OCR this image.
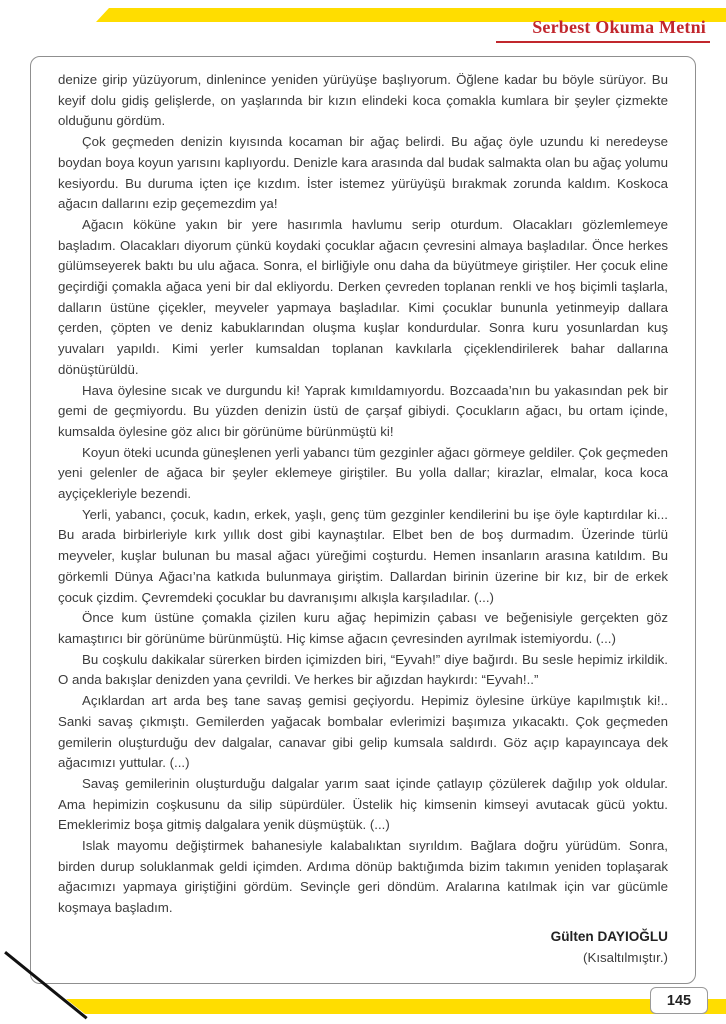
Serbest Okuma Metni

denize girip yüzüyorum, dinlenince yeniden yürüyüşe başlıyorum. Öğlene kadar bu böyle sürüyor. Bu keyif dolu gidiş gelişlerde, on yaşlarında bir kızın elindeki koca çomakla kumlara bir şeyler çizmekte olduğunu gördüm.

Çok geçmeden denizin kıyısında kocaman bir ağaç belirdi. Bu ağaç öyle uzundu ki neredeyse boydan boya koyun yarısını kaplıyordu. Denizle kara arasında dal budak salmakta olan bu ağaç yolumu kesiyordu. Bu duruma içten içe kızdım. İster istemez yürüyüşü bırakmak zorunda kaldım. Koskoca ağacın dallarını ezip geçemezdim ya!

Ağacın köküne yakın bir yere hasırımla havlumu serip oturdum. Olacakları gözlemlemeye başladım. Olacakları diyorum çünkü koydaki çocuklar ağacın çevresini almaya başladılar. Önce herkes gülümseyerek baktı bu ulu ağaca. Sonra, el birliğiyle onu daha da büyütmeye giriştiler. Her çocuk eline geçirdiği çomakla ağaca yeni bir dal ekliyordu. Derken çevreden toplanan renkli ve hoş biçimli taşlarla, dalların üstüne çiçekler, meyveler yapmaya başladılar. Kimi çocuklar bununla yetinmeyip dallara çerden, çöpten ve deniz kabuklarından oluşma kuşlar kondurdular. Sonra kuru yosunlardan kuş yuvaları yapıldı. Kimi yerler kumsaldan toplanan kavkılarla çiçeklendirilerek bahar dallarına dönüştürüldü.

Hava öylesine sıcak ve durgundu ki! Yaprak kımıldamıyordu. Bozcaada’nın bu yakasından pek bir gemi de geçmiyordu. Bu yüzden denizin üstü de çarşaf gibiydi. Çocukların ağacı, bu ortam içinde, kumsalda öylesine göz alıcı bir görünüme bürünmüştü ki!

Koyun öteki ucunda güneşlenen yerli yabancı tüm gezginler ağacı görmeye geldiler. Çok geçmeden yeni gelenler de ağaca bir şeyler eklemeye giriştiler. Bu yolla dallar; kirazlar, elmalar, koca koca ayçiçekleriyle bezendi.

Yerli, yabancı, çocuk, kadın, erkek, yaşlı, genç tüm gezginler kendilerini bu işe öyle kaptırdılar ki... Bu arada birbirleriyle kırk yıllık dost gibi kaynaştılar. Elbet ben de boş durmadım. Üzerinde türlü meyveler, kuşlar bulunan bu masal ağacı yüreğimi coşturdu. Hemen insanların arasına katıldım. Bu görkemli Dünya Ağacı’na katkıda bulunmaya giriştim. Dallardan birinin üzerine bir kız, bir de erkek çocuk çizdim. Çevremdeki çocuklar bu davranışımı alkışla karşıladılar. (...)

Önce kum üstüne çomakla çizilen kuru ağaç hepimizin çabası ve beğenisiyle gerçekten göz kamaştırıcı bir görünüme bürünmüştü. Hiç kimse ağacın çevresinden ayrılmak istemiyordu. (...)

Bu coşkulu dakikalar sürerken birden içimizden biri, “Eyvah!” diye bağırdı. Bu sesle hepimiz irkildik. O anda bakışlar denizden yana çevrildi. Ve herkes bir ağızdan haykırdı: “Eyvah!..”

Açıklardan art arda beş tane savaş gemisi geçiyordu. Hepimiz öylesine ürküye kapılmıştık ki!.. Sanki savaş çıkmıştı. Gemilerden yağacak bombalar evlerimizi başımıza yıkacaktı. Çok geçmeden gemilerin oluşturduğu dev dalgalar, canavar gibi gelip kumsala saldırdı. Göz açıp kapayıncaya dek ağacımızı yuttular. (...)

Savaş gemilerinin oluşturduğu dalgalar yarım saat içinde çatlayıp çözülerek dağılıp yok oldular. Ama hepimizin coşkusunu da silip süpürdüler. Üstelik hiç kimsenin kimseyi avutacak gücü yoktu. Emeklerimiz boşa gitmiş dalgalara yenik düşmüştük. (...)

Islak mayomu değiştirmek bahanesiyle kalabalıktan sıyrıldım. Bağlara doğru yürüdüm. Sonra, birden durup soluklanmak geldi içimden. Ardıma dönüp baktığımda bizim takımın yeniden toplaşarak ağacımızı yapmaya giriştiğini gördüm. Sevinçle geri döndüm. Aralarına katılmak için var gücümle koşmaya başladım.

Gülten DAYIOĞLU

(Kısaltılmıştır.)

145
